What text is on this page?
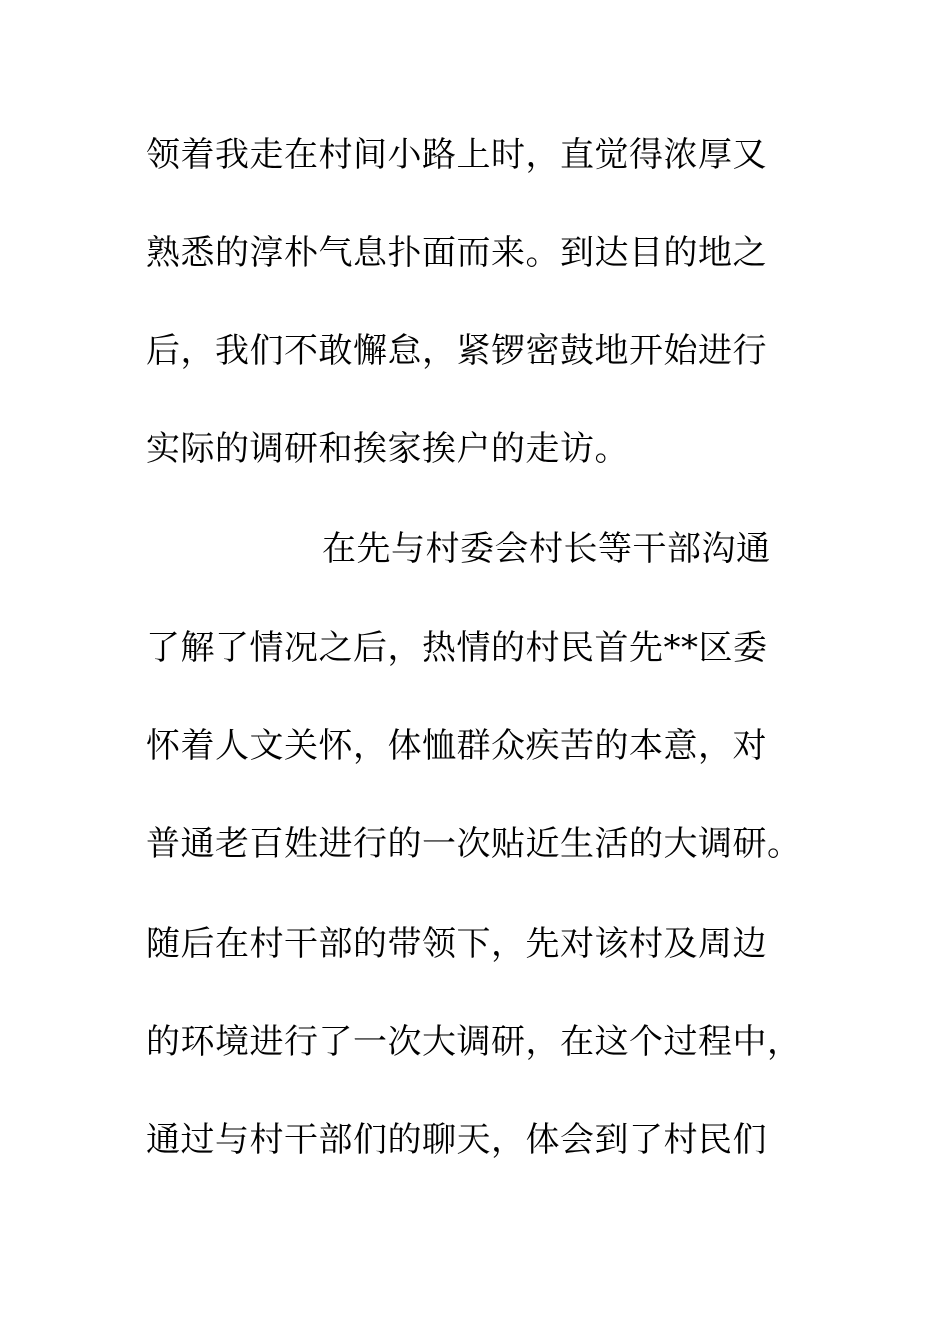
领着我走在村间小路上时，直觉得浓厚又
熟悉的淳朴气息扑面而来。到达目的地之
后，我们不敢懈怠，紧锣密鼓地开始进行
实际的调研和挨家挨户的走访。
在先与村委会村长等干部沟通
了解了情况之后，热情的村民首先**区委
怀着人文关怀，体恤群众疾苦的本意，对
普通老百姓进行的一次贴近生活的大调研。
随后在村干部的带领下，先对该村及周边
的环境进行了一次大调研，在这个过程中，
通过与村干部们的聊天，体会到了村民们
